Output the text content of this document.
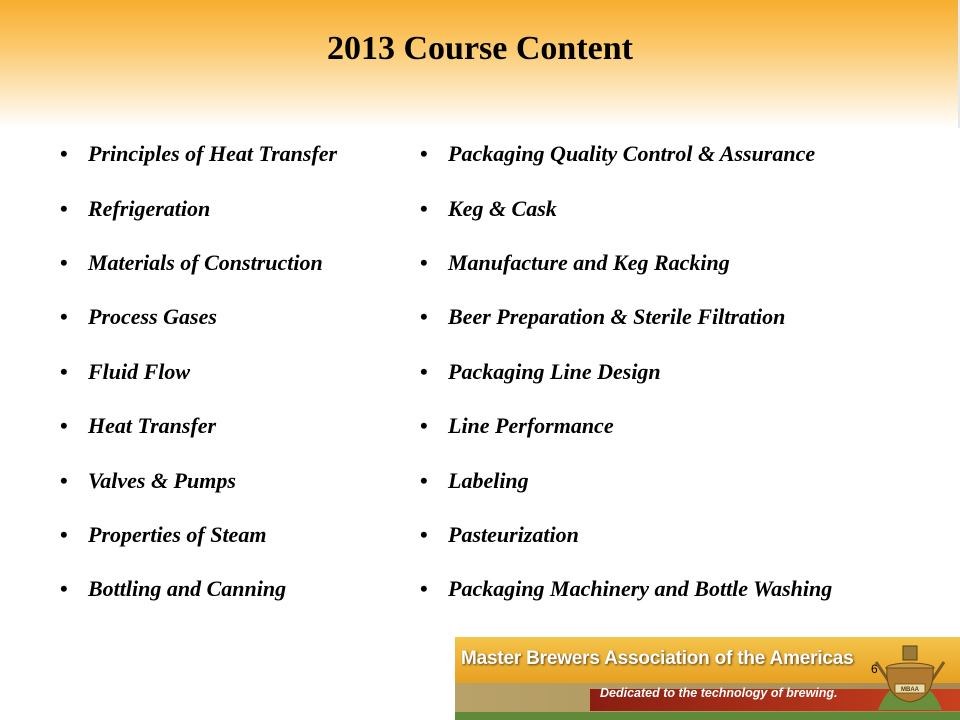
2013 Course Content
• Principles of Heat Transfer
• Refrigeration
• Materials of Construction
• Process Gases
• Fluid Flow
• Heat Transfer
• Valves & Pumps
• Properties of Steam
• Bottling and Canning
• Packaging Quality Control & Assurance
• Keg & Cask
• Manufacture and Keg Racking
• Beer Preparation & Sterile Filtration
• Packaging Line Design
• Line Performance
• Labeling
• Pasteurization
• Packaging Machinery and Bottle Washing
Master Brewers Association of the Americas
Dedicated to the technology of brewing.	MBAA
6
